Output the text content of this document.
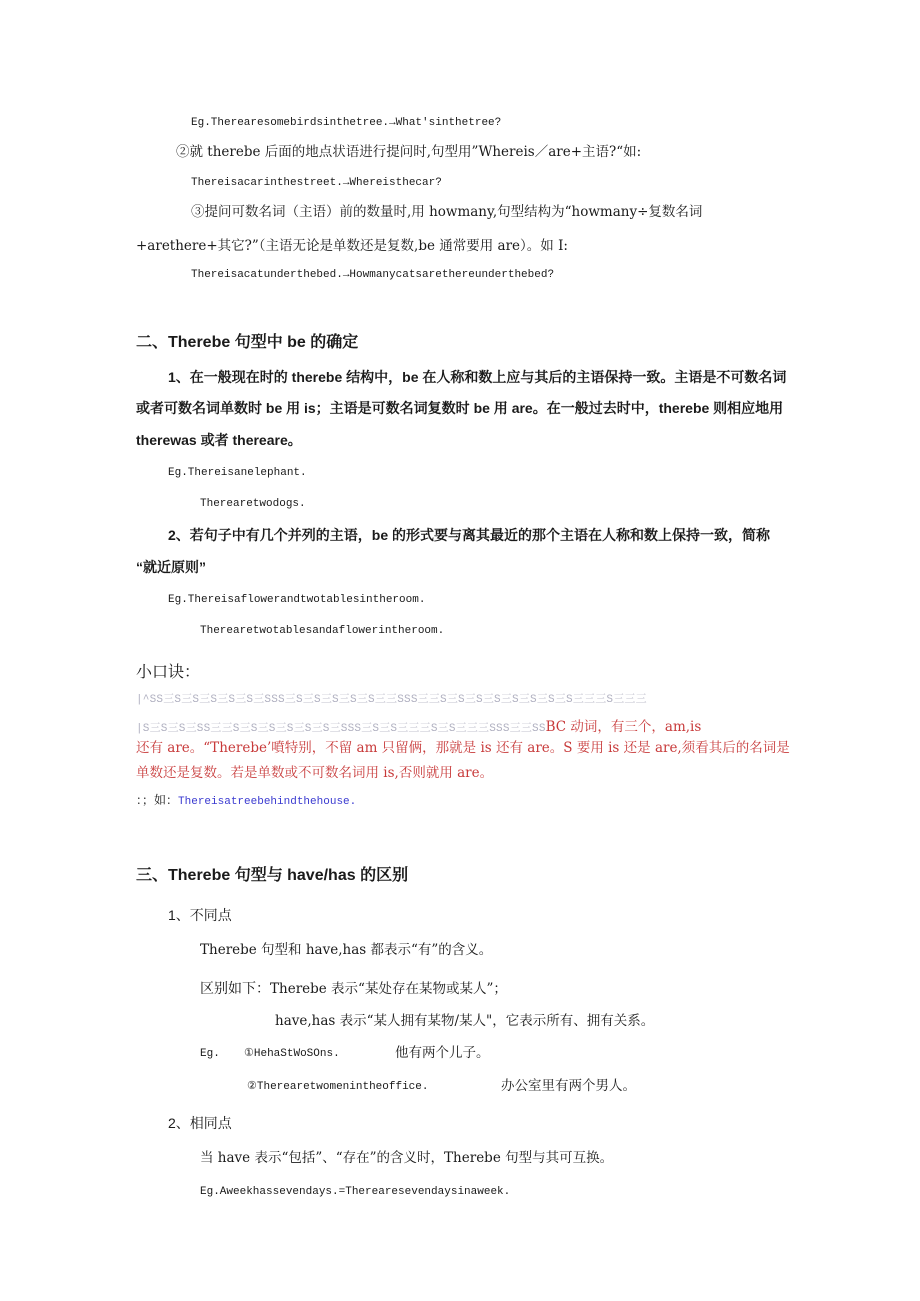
Eg.Therearesomebirdsinthetree.→What'sinthetree?
②就 therebe 后面的地点状语进行提问时,句型用”Whereis／are+主语?“如:
Thereisacarinthestreet.→Whereisthecar?
③提问可数名词（主语）前的数量时,用 howmany,句型结构为“howmany÷复数名词
+arethere+其它?”（主语无论是单数还是复数,be 通常要用 are）。如 I:
Thereisacatunderthebed.→Howmanycatsarethereunderthebed?
二、Therebe 句型中 be 的确定
1、在一般现在时的 therebe 结构中，be 在人称和数上应与其后的主语保持一致。主语是不可数名词
或者可数名词单数时 be 用 is；主语是可数名词复数时 be 用 are。在一般过去时中，therebe 则相应地用
therewas 或者 thereare。
Eg.Thereisanelephant.
Therearetwodogs.
2、若句子中有几个并列的主语，be 的形式要与离其最近的那个主语在人称和数上保持一致，简称
“就近原则”
Eg.Thereisaflowerandtwotablesintheroom.
Therearetwotablesandaflowerintheroom.
小口诀：
|^SS三S三S三S三S三S三SSS三S三S三S三S三S三三SSS三三S三S三S三S三S三S三S三S三三三S三三三
|S三S三S三SS三三S三S三S三S三S三S三SSS三S三S三三三S三S三三三SSS三三SSBC 动词，有三个，am,is
还有 are。“Therebe’噴特别，不留 am 只留俩，那就是 is 还有 are。S 要用 is 还是 are,须看其后的名词是
单数还是复数。若是单数或不可数名词用 is,否则就用 are。
：；如：Thereisatreebehindthehouse.
三、Therebe 句型与 have/has 的区别
1、不同点
Therebe 句型和 have,has 都表示“有”的含义。
区别如下：Therebe 表示“某处存在某物或某人”；
have,has 表示“某人拥有某物/某人"，它表示所有、拥有关系。
Eg. ①HehaStWoSOns.	他有两个儿子。
②Therearetwomenintheoffice.	办公室里有两个男人。
2、相同点
当 have 表示“包括”、“存在”的含义时，Therebe 句型与其可互换。
Eg.Aweekhassevendays.=Therearesevendaysinaweek.
